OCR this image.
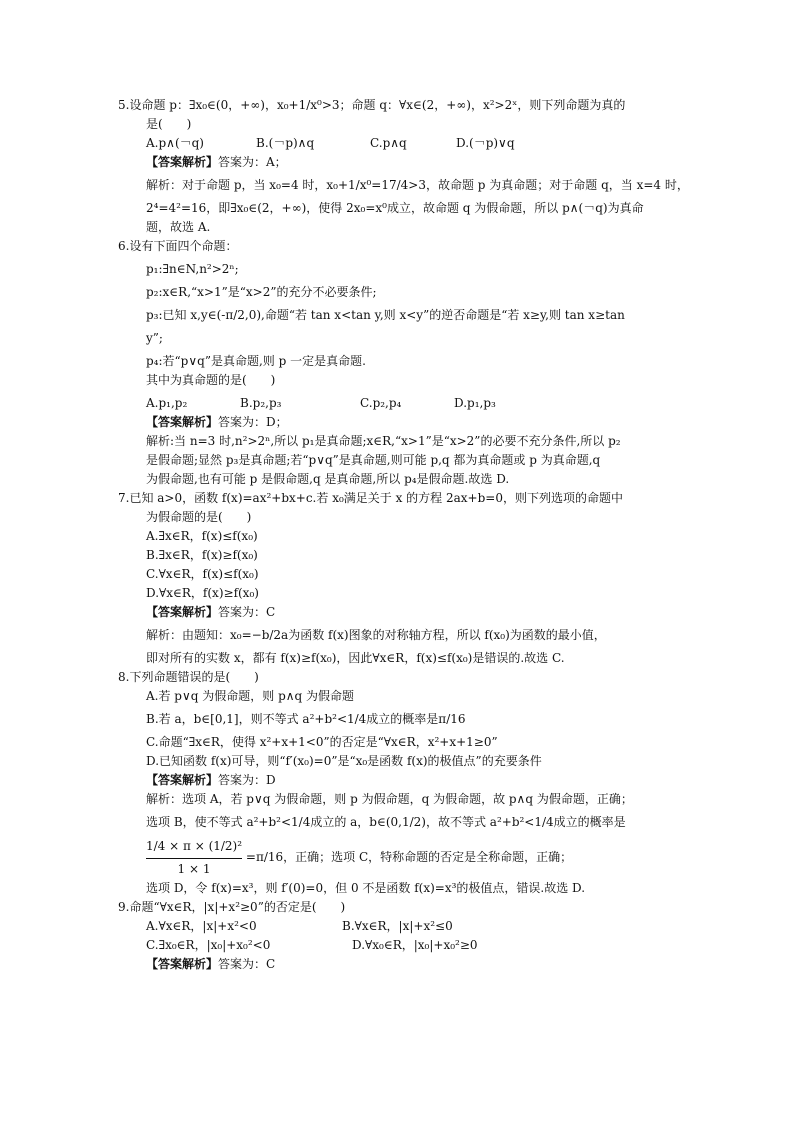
5.设命题 p：∃x₀∈(0，+∞)，x₀+1/x⁰>3；命题 q：∀x∈(2，+∞)，x²>2ˣ，则下列命题为真的
是(　　)
A.p∧(￢q)	B.(￢p)∧q	C.p∧q	D.(￢p)∨q
【答案解析】答案为：A；
解析：对于命题 p，当 x₀=4 时，x₀+1/x⁰=17/4>3，故命题 p 为真命题；对于命题 q，当 x=4 时，
2⁴=4²=16，即∃x₀∈(2，+∞)，使得 2x₀=x⁰成立，故命题 q 为假命题，所以 p∧(￢q)为真命
题，故选 A.
6.设有下面四个命题：
p₁:∃n∈N,n²>2ⁿ;
p₂:x∈R,“x>1”是“x>2”的充分不必要条件;
p₃:已知 x,y∈(-π/2,0),命题“若 tan x<tan y,则 x<y”的逆否命题是“若 x≥y,则 tan x≥tan
y”;
p₄:若“p∨q”是真命题,则 p 一定是真命题.
其中为真命题的是(　　)
A.p₁,p₂	B.p₂,p₃	C.p₂,p₄	D.p₁,p₃
【答案解析】答案为：D；
解析:当 n=3 时,n²>2ⁿ,所以 p₁是真命题;x∈R,“x>1”是“x>2”的必要不充分条件,所以 p₂
是假命题;显然 p₃是真命题;若“p∨q”是真命题,则可能 p,q 都为真命题或 p 为真命题,q
为假命题,也有可能 p 是假命题,q 是真命题,所以 p₄是假命题.故选 D.
7.已知 a>0，函数 f(x)=ax²+bx+c.若 x₀满足关于 x 的方程 2ax+b=0，则下列选项的命题中
为假命题的是(　　)
A.∃x∈R，f(x)≤f(x₀)
B.∃x∈R，f(x)≥f(x₀)
C.∀x∈R，f(x)≤f(x₀)
D.∀x∈R，f(x)≥f(x₀)
【答案解析】答案为：C
解析：由题知：x₀=−b/2a为函数 f(x)图象的对称轴方程，所以 f(x₀)为函数的最小值，
即对所有的实数 x，都有 f(x)≥f(x₀)，因此∀x∈R，f(x)≤f(x₀)是错误的.故选 C.
8.下列命题错误的是(　　)
A.若 p∨q 为假命题，则 p∧q 为假命题
B.若 a，b∈[0,1]，则不等式 a²+b²<1/4成立的概率是π/16
C.命题“∃x∈R，使得 x²+x+1<0”的否定是“∀x∈R，x²+x+1≥0”
D.已知函数 f(x)可导，则“f′(x₀)=0”是“x₀是函数 f(x)的极值点”的充要条件
【答案解析】答案为：D
解析：选项 A，若 p∨q 为假命题，则 p 为假命题，q 为假命题，故 p∧q 为假命题，正确；
选项 B，使不等式 a²+b²<1/4成立的 a，b∈(0,1/2)，故不等式 a²+b²<1/4成立的概率是
$\frac{\text{1/4 × π × (1/2)²}}{1 \times 1} =\pi/16$，正确；选项 C，特称命题的否定是全称命题，正确；
选项 D，令 f(x)=x³，则 f′(0)=0，但 0 不是函数 f(x)=x³的极值点，错误.故选 D.
9.命题“∀x∈R，|x|+x²≥0”的否定是(　　)
A.∀x∈R，|x|+x²<0	B.∀x∈R，|x|+x²≤0
C.∃x₀∈R，|x₀|+x₀²<0	D.∀x₀∈R，|x₀|+x₀²≥0
【答案解析】答案为：C
